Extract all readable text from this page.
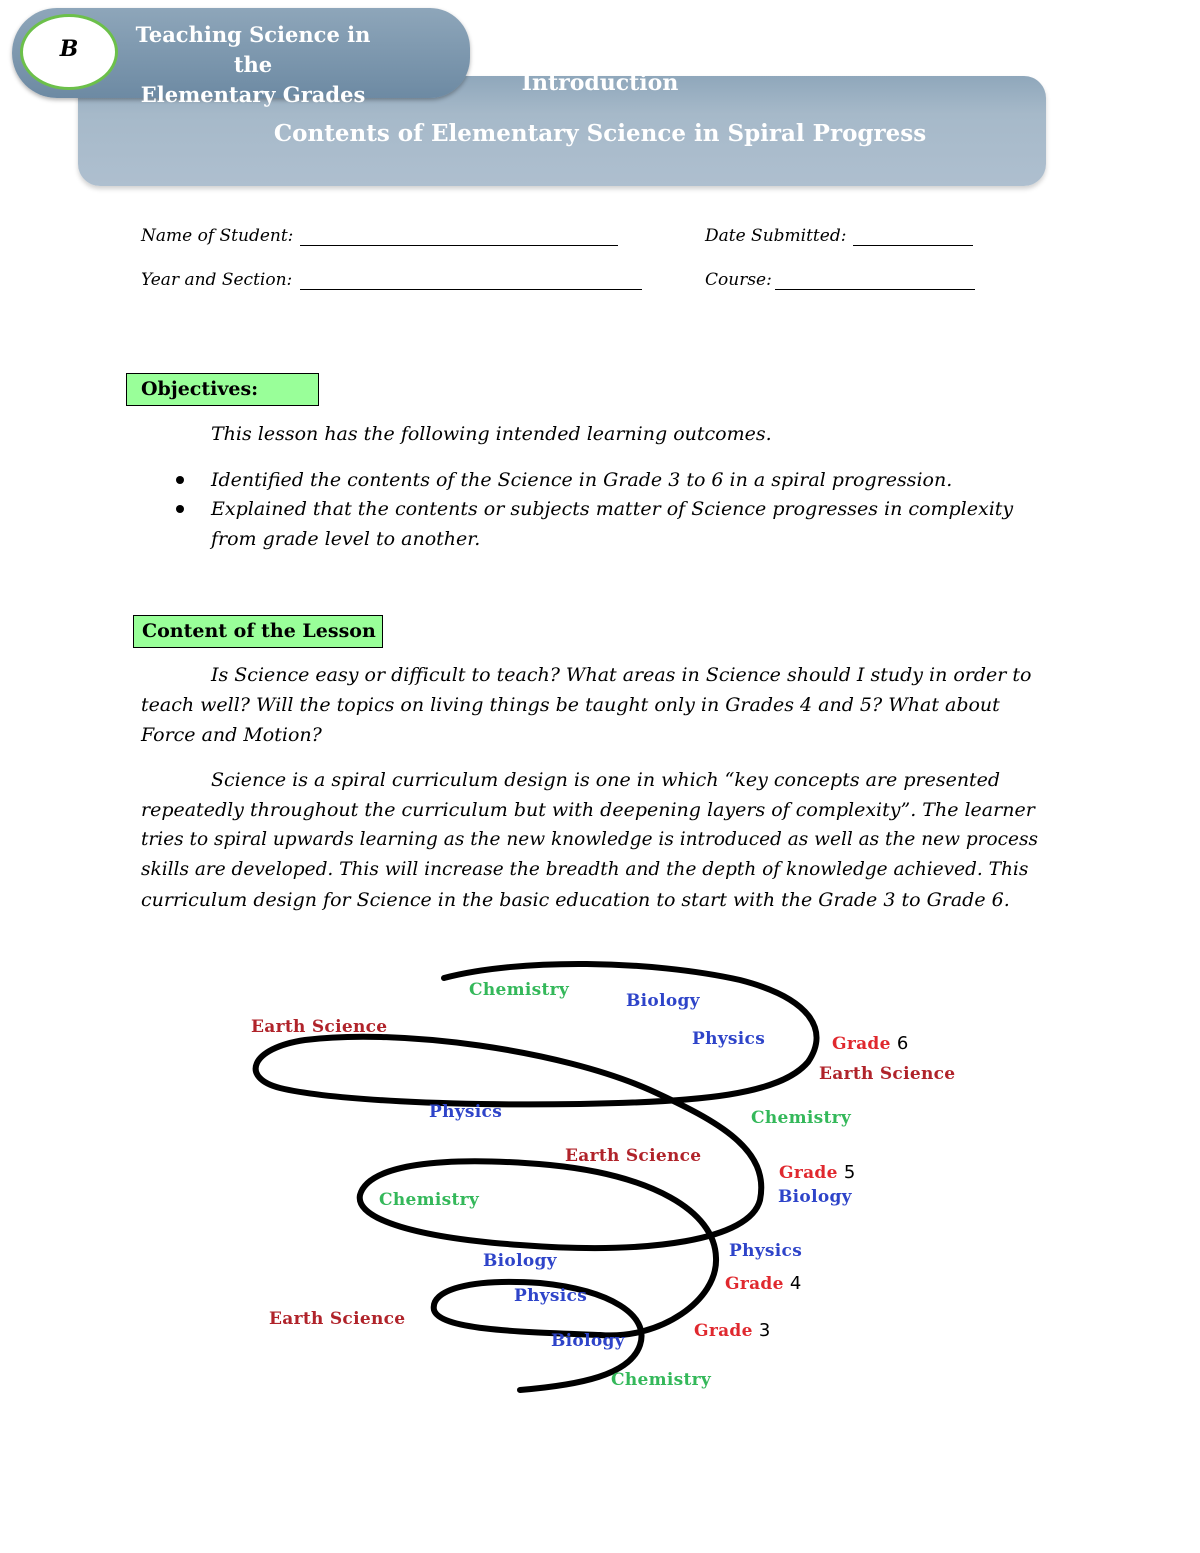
Introduction
Contents of Elementary Science in Spiral Progress
Teaching Science in the
Elementary Grades
B
Name of Student:	Date Submitted:
Year and Section:	Course:
Objectives:
This lesson has the following intended learning outcomes.
Identified the contents of the Science in Grade 3 to 6 in a spiral progression.
Explained that the contents or subjects matter of Science progresses in complexity
from grade level to another.
Content of the Lesson
Is Science easy or difficult to teach? What areas in Science should I study in order to
teach well? Will the topics on living things be taught only in Grades 4 and 5? What about
Force and Motion?
Science is a spiral curriculum design is one in which “key concepts are presented
repeatedly throughout the curriculum but with deepening layers of complexity”. The learner
tries to spiral upwards learning as the new knowledge is introduced as well as the new process
skills are developed. This will increase the breadth and the depth of knowledge achieved. This
curriculum design for Science in the basic education to start with the Grade 3 to Grade 6.
Chemistry
Biology
Earth Science
Physics	Grade 6
Earth Science
Physics	Chemistry
Earth Science
Grade 5
Biology
Chemistry
Physics
Biology
Grade 4
Physics
Earth Science
Grade 3
Biology
Chemistry
